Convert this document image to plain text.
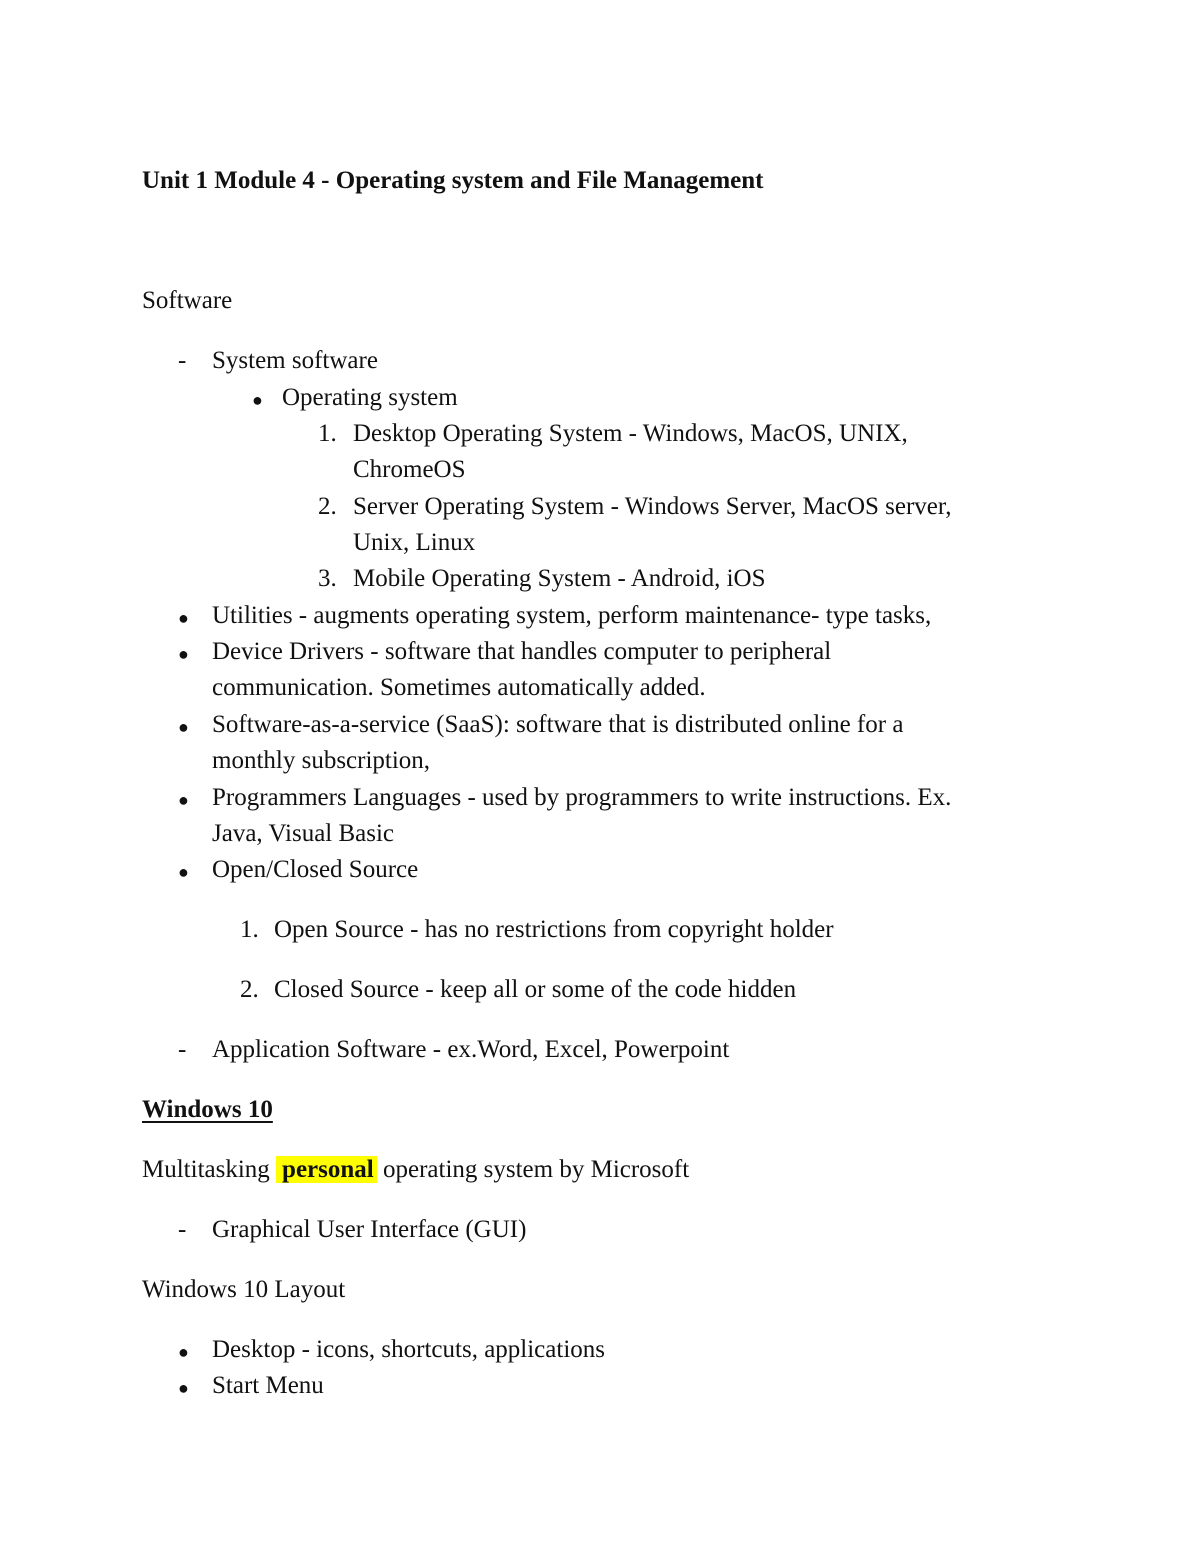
Unit 1 Module 4 - Operating system and File Management
Software
- System software
● Operating system
1. Desktop Operating System - Windows, MacOS, UNIX,
ChromeOS
2. Server Operating System - Windows Server, MacOS server,
Unix, Linux
3. Mobile Operating System - Android, iOS
● Utilities - augments operating system, perform maintenance- type tasks,
● Device Drivers - software that handles computer to peripheral
communication. Sometimes automatically added.
● Software-as-a-service (SaaS): software that is distributed online for a
monthly subscription,
● Programmers Languages - used by programmers to write instructions. Ex.
Java, Visual Basic
● Open/Closed Source
1. Open Source - has no restrictions from copyright holder
2. Closed Source - keep all or some of the code hidden
- Application Software - ex.Word, Excel, Powerpoint
Windows 10
Multitasking personal operating system by Microsoft
- Graphical User Interface (GUI)
Windows 10 Layout
● Desktop - icons, shortcuts, applications
● Start Menu
